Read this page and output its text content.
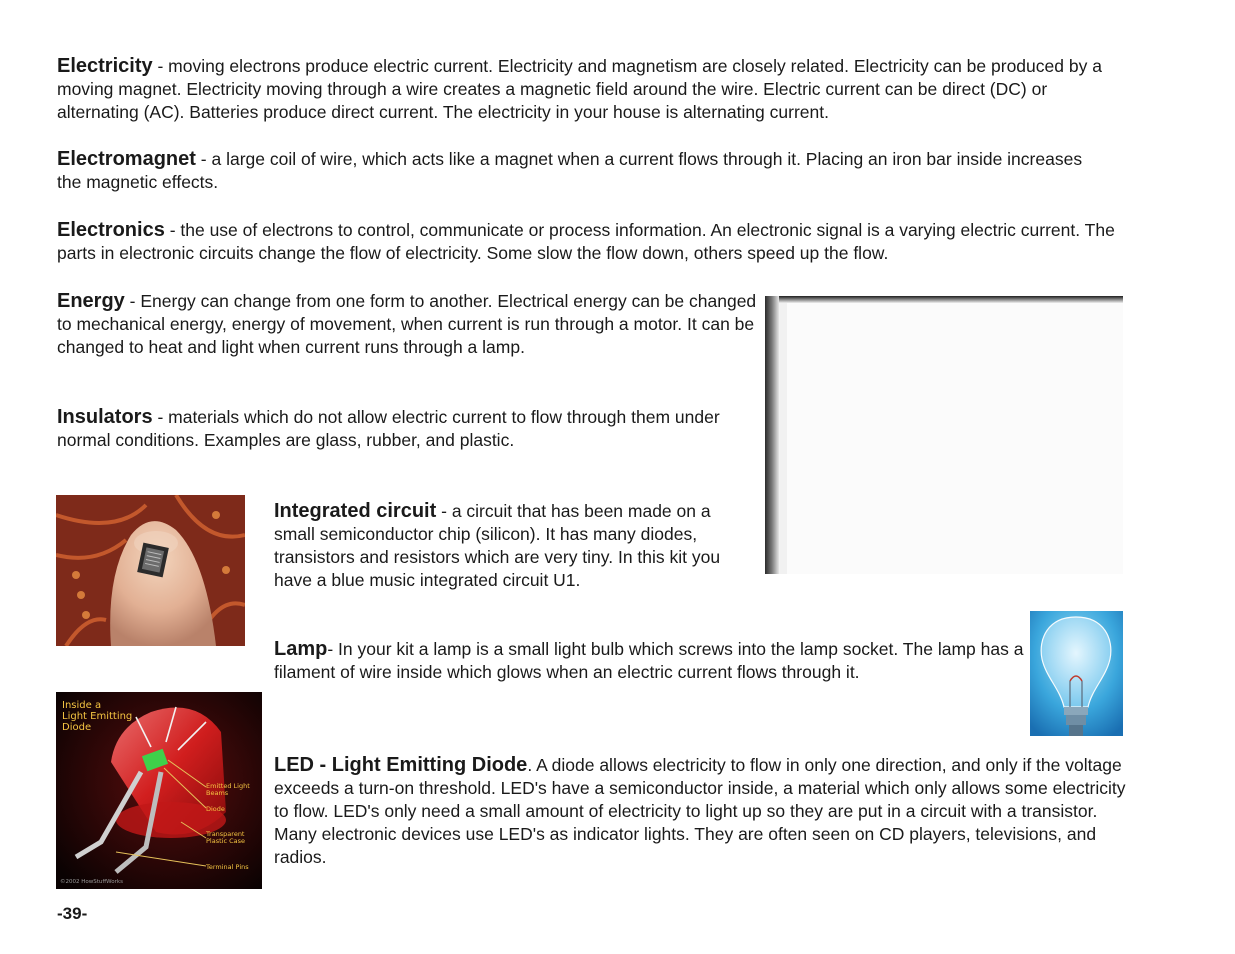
Electricity - moving electrons produce electric current. Electricity and magnetism are closely related. Electricity can be produced by a moving magnet. Electricity moving through a wire creates a magnetic field around the wire. Electric current can be direct (DC) or alternating (AC). Batteries produce direct current. The electricity in your house is alternating current.

Electromagnet - a large coil of wire, which acts like a magnet when a current flows through it. Placing an iron bar inside increases the magnetic effects.

Electronics - the use of electrons to control, communicate or process information. An electronic signal is a varying electric current. The parts in electronic circuits change the flow of electricity. Some slow the flow down, others speed up the flow.

Energy - Energy can change from one form to another. Electrical energy can be changed to mechanical energy, energy of movement, when current is run through a motor. It can be changed to heat and light when current runs through a lamp.

Insulators - materials which do not allow electric current to flow through them under normal conditions. Examples are glass, rubber, and plastic.

Integrated circuit - a circuit that has been made on a small semiconductor chip (silicon). It has many diodes, transistors and resistors which are very tiny. In this kit you have a blue music integrated circuit U1.

Lamp- In your kit a lamp is a small light bulb which screws into the lamp socket. The lamp has a filament of wire inside which glows when an electric current flows through it.

Inside a
Light Emitting
Diode
Emitted Light
Beams
Diode
Transparent
Plastic Case
Terminal Pins
©2002 HowStuffWorks

LED - Light Emitting Diode. A diode allows electricity to flow in only one direction, and only if the voltage exceeds a turn-on threshold. LED's have a semiconductor inside, a material which only allows some electricity to flow. LED's only need a small amount of electricity to light up so they are put in a circuit with a transistor. Many electronic devices use LED's as indicator lights. They are often seen on CD players, televisions, and radios.

-39-
